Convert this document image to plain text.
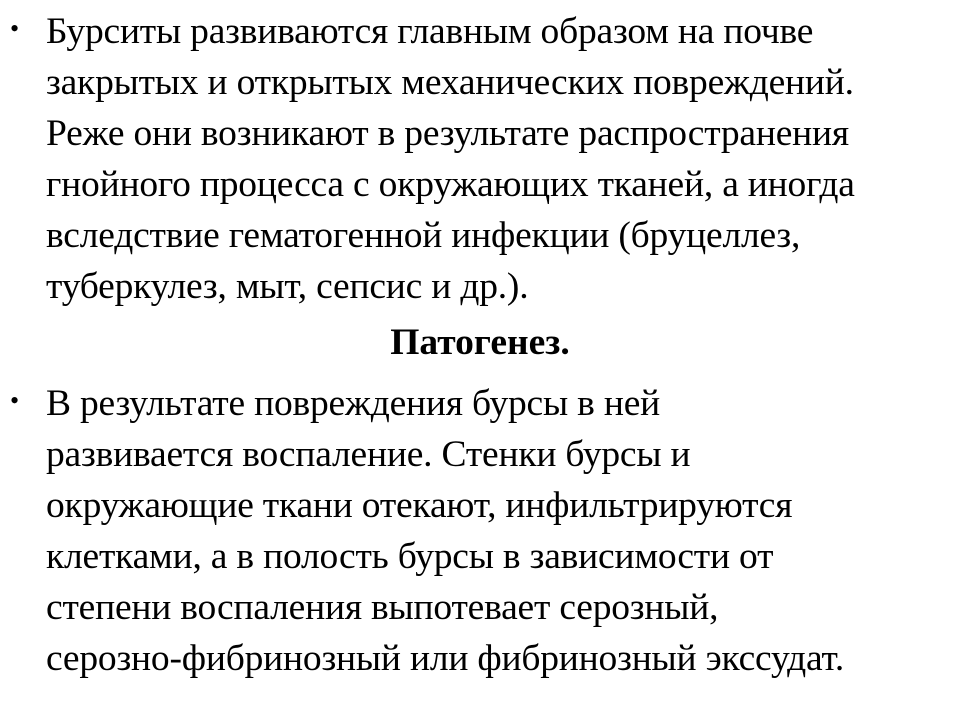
• Бурситы развиваются главным образом на почве
закрытых и открытых механических повреждений.
Реже они возникают в результате распространения
гнойного процесса с окружающих тканей, а иногда
вследствие гематогенной инфекции (бруцеллез,
туберкулез, мыт, сепсис и др.).
Патогенез.
• В результате повреждения бурсы в ней
развивается воспаление. Стенки бурсы и
окружающие ткани отекают, инфильтрируются
клетками, а в полость бурсы в зависимости от
степени воспаления выпотевает серозный,
серозно-фибринозный или фибринозный экссудат.
